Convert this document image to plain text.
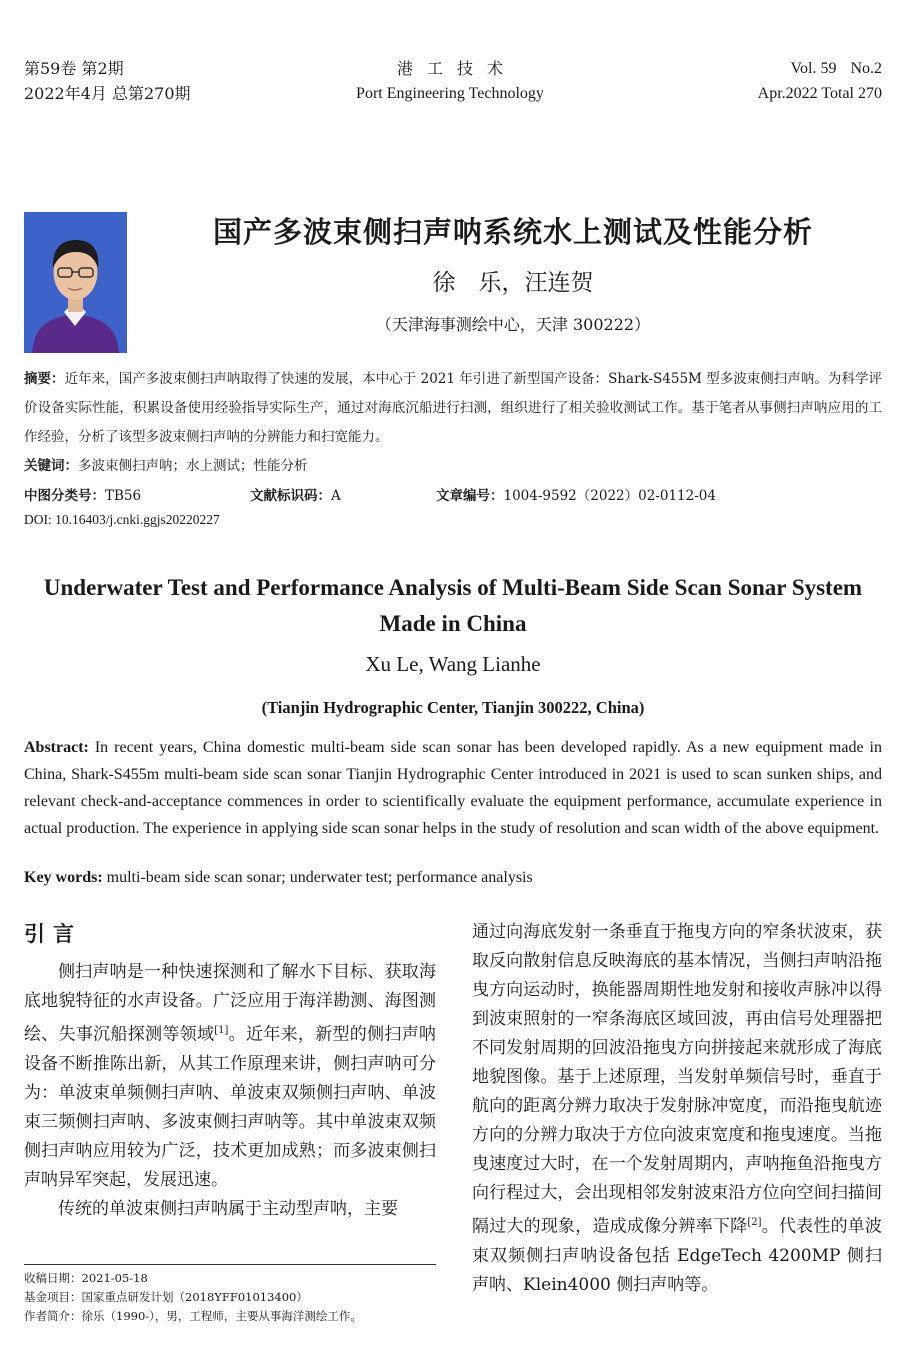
第59卷 第2期
2022年4月 总第270期
港工技术
Port Engineering Technology
Vol. 59 No.2
Apr.2022 Total 270
国产多波束侧扫声呐系统水上测试及性能分析
徐　乐，汪连贺
（天津海事测绘中心，天津 300222）
摘要：近年来，国产多波束侧扫声呐取得了快速的发展，本中心于 2021 年引进了新型国产设备：Shark-S455M 型多波束侧扫声呐。为科学评价设备实际性能，积累设备使用经验指导实际生产，通过对海底沉船进行扫测，组织进行了相关验收测试工作。基于笔者从事侧扫声呐应用的工作经验，分析了该型多波束侧扫声呐的分辨能力和扫宽能力。
关键词：多波束侧扫声呐；水上测试；性能分析
中图分类号：TB56	文献标识码：A	文章编号：1004-9592（2022）02-0112-04
DOI: 10.16403/j.cnki.ggjs20220227
Underwater Test and Performance Analysis of Multi-Beam Side Scan Sonar System Made in China
Xu Le, Wang Lianhe
(Tianjin Hydrographic Center, Tianjin 300222, China)
Abstract: In recent years, China domestic multi-beam side scan sonar has been developed rapidly. As a new equipment made in China, Shark-S455m multi-beam side scan sonar Tianjin Hydrographic Center introduced in 2021 is used to scan sunken ships, and relevant check-and-acceptance commences in order to scientifically evaluate the equipment performance, accumulate experience in actual production. The experience in applying side scan sonar helps in the study of resolution and scan width of the above equipment.
Key words: multi-beam side scan sonar; underwater test; performance analysis
引言

侧扫声呐是一种快速探测和了解水下目标、获取海底地貌特征的水声设备。广泛应用于海洋勘测、海图测绘、失事沉船探测等领域[1]。近年来，新型的侧扫声呐设备不断推陈出新，从其工作原理来讲，侧扫声呐可分为：单波束单频侧扫声呐、单波束双频侧扫声呐、单波束三频侧扫声呐、多波束侧扫声呐等。其中单波束双频侧扫声呐应用较为广泛，技术更加成熟；而多波束侧扫声呐异军突起，发展迅速。

传统的单波束侧扫声呐属于主动型声呐，主要

通过向海底发射一条垂直于拖曳方向的窄条状波束，获取反向散射信息反映海底的基本情况，当侧扫声呐沿拖曳方向运动时，换能器周期性地发射和接收声脉冲以得到波束照射的一窄条海底区域回波，再由信号处理器把不同发射周期的回波沿拖曳方向拼接起来就形成了海底地貌图像。基于上述原理，当发射单频信号时，垂直于航向的距离分辨力取决于发射脉冲宽度，而沿拖曳航迹方向的分辨力取决于方位向波束宽度和拖曳速度。当拖曳速度过大时，在一个发射周期内，声呐拖鱼沿拖曳方向行程过大，会出现相邻发射波束沿方位向空间扫描间隔过大的现象，造成成像分辨率下降[2]。代表性的单波束双频侧扫声呐设备包括 EdgeTech 4200MP 侧扫声呐、Klein4000 侧扫声呐等。

收稿日期：2021-05-18
基金项目：国家重点研发计划（2018YFF01013400）
作者简介：徐乐（1990-），男，工程师，主要从事海洋测绘工作。
